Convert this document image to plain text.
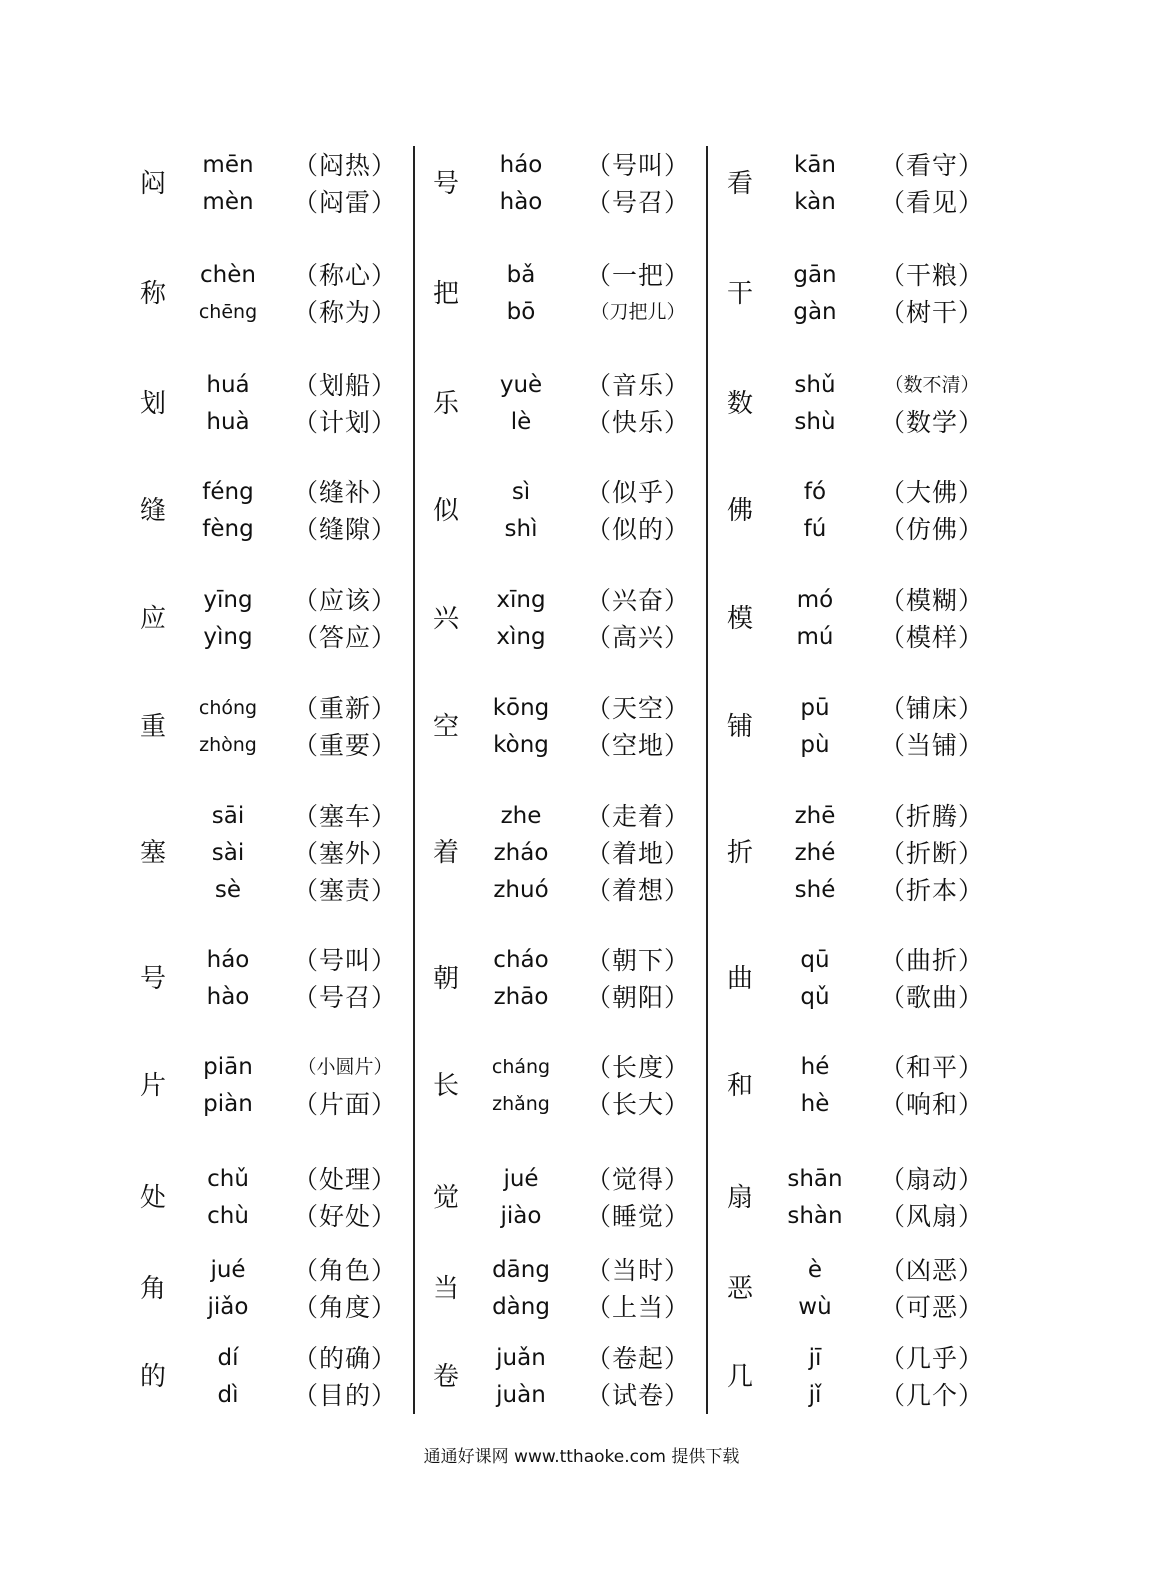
闷
mēn	（闷热）
mèn	（闷雷）
称
chèn	（称心）
chēng	（称为）
划
huá	（划船）
huà	（计划）
缝
féng	（缝补）
fèng	（缝隙）
应
yīng	（应该）
yìng	（答应）
重
chóng	（重新）
zhòng	（重要）
塞
sāi	（塞车）
sài	（塞外）
sè	（塞责）
号
háo	（号叫）
hào	（号召）
片
piān	（小圆片）
piàn	（片面）
处
chǔ	（处理）
chù	（好处）
角
jué	（角色）
jiǎo	（角度）
的
dí	（的确）
dì	（目的）
号
háo	（号叫）
hào	（号召）
把
bǎ	（一把）
bō	（刀把儿）
乐
yuè	（音乐）
lè	（快乐）
似
sì	（似乎）
shì	（似的）
兴
xīng	（兴奋）
xìng	（高兴）
空
kōng	（天空）
kòng	（空地）
着
zhe	（走着）
zháo	（着地）
zhuó	（着想）
朝
cháo	（朝下）
zhāo	（朝阳）
长
cháng	（长度）
zhǎng	（长大）
觉
jué	（觉得）
jiào	（睡觉）
当
dāng	（当时）
dàng	（上当）
卷
juǎn	（卷起）
juàn	（试卷）
看
kān	（看守）
kàn	（看见）
干
gān	（干粮）
gàn	（树干）
数
shǔ	（数不清）
shù	（数学）
佛
fó	（大佛）
fú	（仿佛）
模
mó	（模糊）
mú	（模样）
铺
pū	（铺床）
pù	（当铺）
折
zhē	（折腾）
zhé	（折断）
shé	（折本）
曲
qū	（曲折）
qǔ	（歌曲）
和
hé	（和平）
hè	（响和）
扇
shān	（扇动）
shàn	（风扇）
恶
è	（凶恶）
wù	（可恶）
几
jī	（几乎）
jǐ	（几个）
通通好课网 www.tthaoke.com 提供下载
